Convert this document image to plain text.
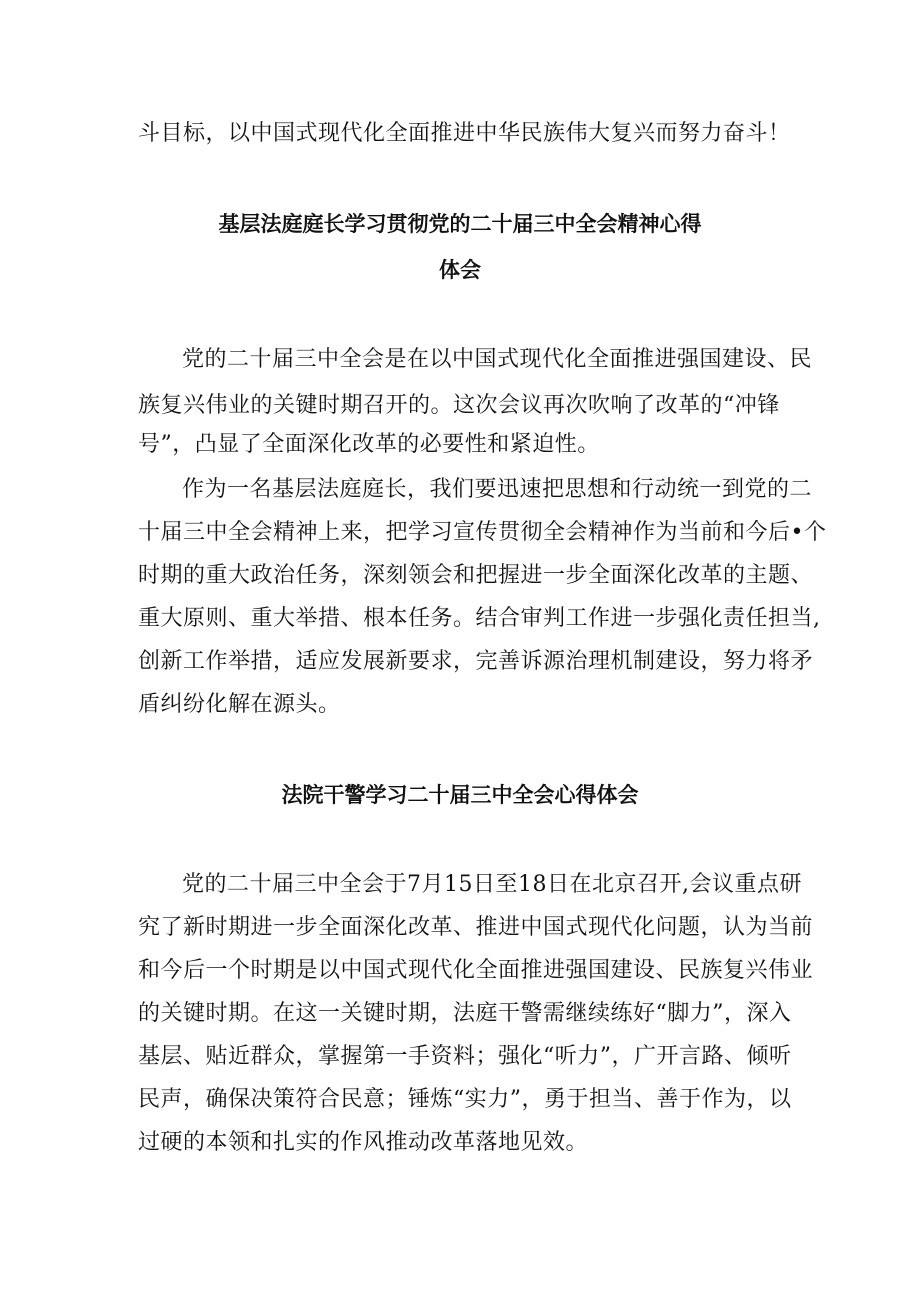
斗目标，以中国式现代化全面推进中华民族伟大复兴而努力奋斗！
基层法庭庭长学习贯彻党的二十届三中全会精神心得
体会
党的二十届三中全会是在以中国式现代化全面推进强国建设、民
族复兴伟业的关键时期召开的。这次会议再次吹响了改革的“冲锋
号”，凸显了全面深化改革的必要性和紧迫性。
作为一名基层法庭庭长，我们要迅速把思想和行动统一到党的二
十届三中全会精神上来，把学习宣传贯彻全会精神作为当前和今后•个
时期的重大政治任务，深刻领会和把握进一步全面深化改革的主题、
重大原则、重大举措、根本任务。结合审判工作进一步强化责任担当,
创新工作举措，适应发展新要求，完善诉源治理机制建设，努力将矛
盾纠纷化解在源头。
法院干警学习二十届三中全会心得体会
党的二十届三中全会于7月15日至18日在北京召开,会议重点研
究了新时期进一步全面深化改革、推进中国式现代化问题，认为当前
和今后一个时期是以中国式现代化全面推进强国建设、民族复兴伟业
的关键时期。在这一关键时期，法庭干警需继续练好“脚力”，深入
基层、贴近群众，掌握第一手资料；强化“听力”，广开言路、倾听
民声，确保决策符合民意；锤炼“实力”，勇于担当、善于作为，以
过硬的本领和扎实的作风推动改革落地见效。
